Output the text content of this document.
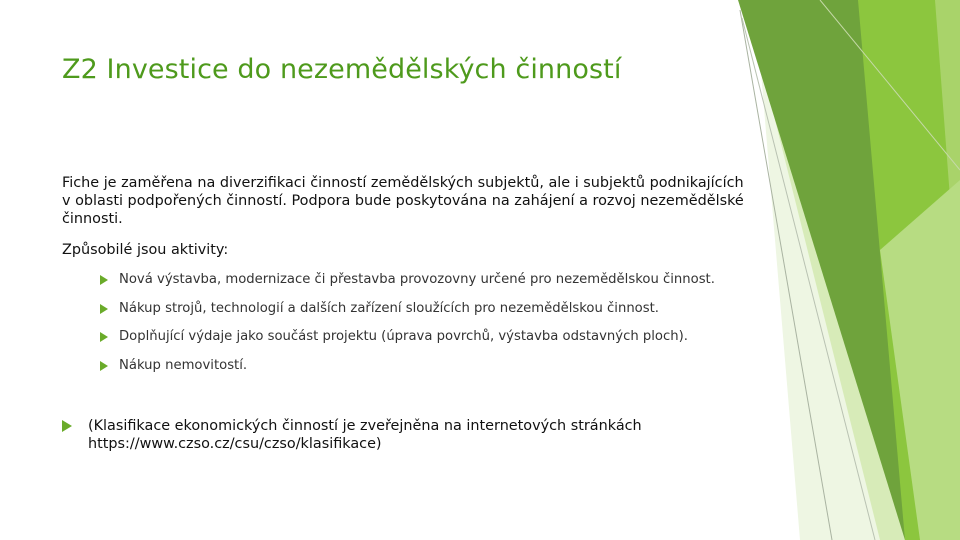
Z2 Investice do nezemědělských činností
Fiche je zaměřena na diverzifikaci činností zemědělských subjektů, ale i subjektů podnikajících v oblasti podpořených činností. Podpora bude poskytována na zahájení a rozvoj nezemědělské činnosti.
Způsobilé jsou aktivity:
Nová výstavba, modernizace či přestavba provozovny určené pro nezemědělskou činnost.
Nákup strojů, technologií a dalších zařízení sloužících pro nezemědělskou činnost.
Doplňující výdaje jako součást projektu (úprava povrchů, výstavba odstavných ploch).
Nákup nemovitostí.
(Klasifikace ekonomických činností je zveřejněna na internetových stránkách https://www.czso.cz/csu/czso/klasifikace)
